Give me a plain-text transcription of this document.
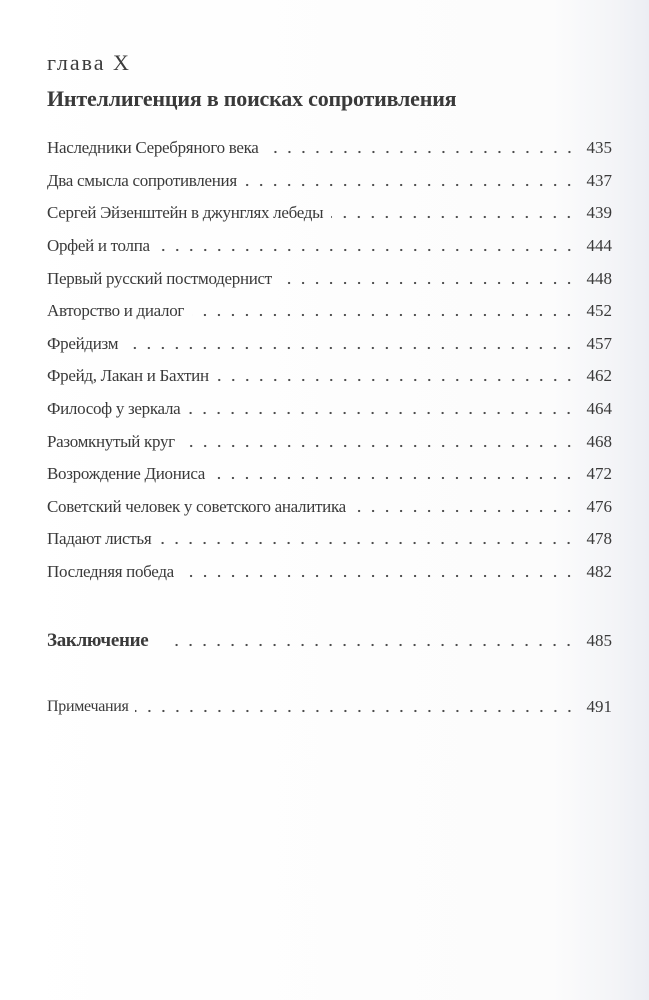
глава X
Интеллигенция в поисках сопротивления
Наследники Серебряного века	435
Два смысла сопротивления	437
Сергей Эйзенштейн в джунглях лебеды	439
Орфей и толпа	444
Первый русский постмодернист	448
Авторство и диалог	452
Фрейдизм	457
Фрейд, Лакан и Бахтин	462
Философ у зеркала	464
Разомкнутый круг	468
Возрождение Диониса	472
Советский человек у советского аналитика	476
Падают листья	478
Последняя победа	482
Заключение	485
Примечания	491
